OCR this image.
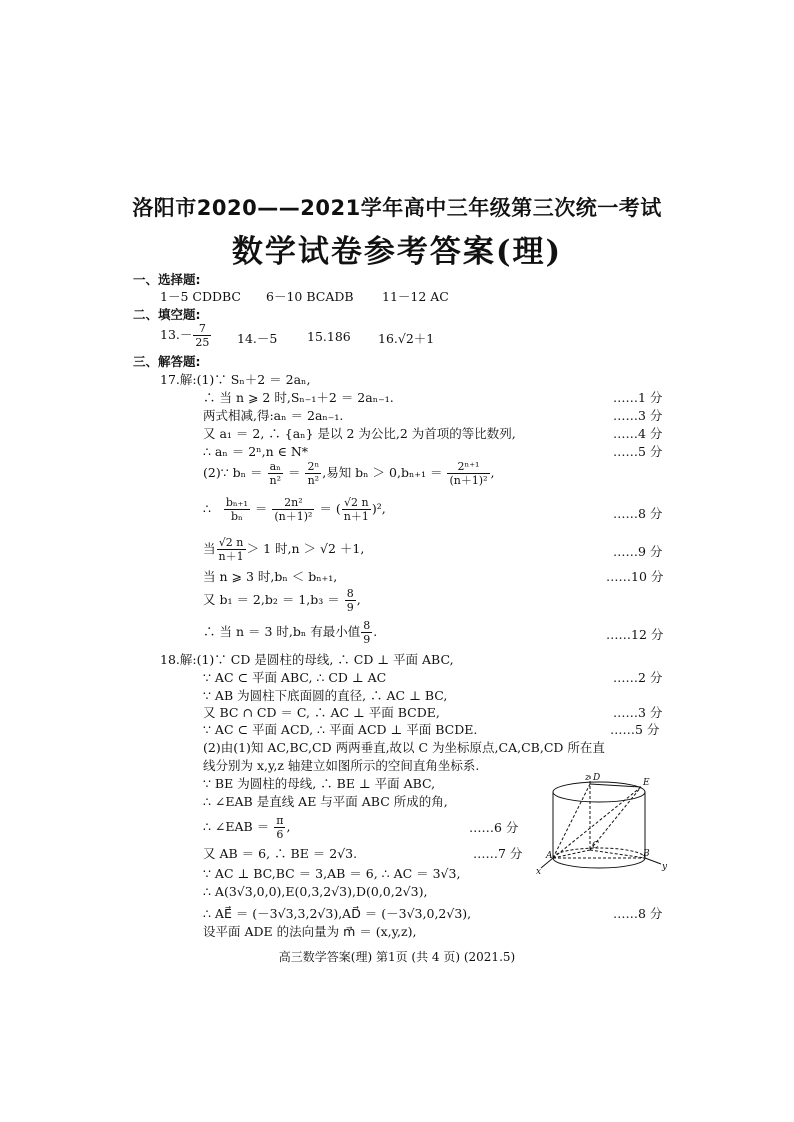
洛阳市2020——2021学年高中三年级第三次统一考试
数学试卷参考答案(理)
一、选择题:
1－5 CDDBC 6－10 BCADB 11－12 AC
二、填空题:
$13.- \frac{7}{25} 14.-5$ 15.186 16.√2＋1
三、解答题:
17.解:(1)∵ Sₙ＋2 ＝ 2aₙ,
∴ 当 n ⩾ 2 时,Sₙ₋₁＋2 ＝ 2aₙ₋₁.	……1 分
两式相减,得:aₙ ＝ 2aₙ₋₁.	……3 分
又 a₁ ＝ 2, ∴ {aₙ} 是以 2 为公比,2 为首项的等比数列,	……4 分
∴ aₙ ＝ 2ⁿ,n ∈ N*	……5 分
(2)∵ $b_n = \frac{\text{aₙ}}{\text{n²}} = \frac{\text{2ⁿ}}{\text{n²}}$ ,易知 $b_n > 0,b_{n+1} = \frac{\text{2ⁿ⁺¹}}{\text{(n＋1)²}}$ ,
∴ $\frac{\text{bₙ₊₁}}{\text{bₙ}} = \frac{\text{2n²}}{\text{(n＋1)²}}$ ＝ ( $\frac{√2 n}{n+1} )^2$,	……8 分
当 $\frac{√2 n}{n+1} > 1$ 时,n ＞ √2 ＋1,	……9 分
当 n ⩾ 3 时,bₙ ＜ bₙ₊₁,	……10 分
又 $b_1 = 2,b_2 = 1,b_3 = \frac{8}{9}$ ,
∴ 当 n ＝ 3 时,bₙ 有最小值 $\frac{8}{9}$ .	……12 分
18.解:(1)∵ CD 是圆柱的母线, ∴ CD ⊥ 平面 ABC,
∵ AC ⊂ 平面 ABC, ∴ CD ⊥ AC	……2 分
∵ AB 为圆柱下底面圆的直径, ∴ AC ⊥ BC,
又 BC ∩ CD ＝ C, ∴ AC ⊥ 平面 BCDE,	……3 分
∵ AC ⊂ 平面 ACD, ∴ 平面 ACD ⊥ 平面 BCDE.	……5 分
(2)由(1)知 AC,BC,CD 两两垂直,故以 C 为坐标原点,CA,CB,CD 所在直
线分别为 x,y,z 轴建立如图所示的空间直角坐标系.
∵ BE 为圆柱的母线, ∴ BE ⊥ 平面 ABC,
∴ ∠EAB 是直线 AE 与平面 ABC 所成的角,
∴ ∠EAB ＝ $\frac{\pi}{6}$ ,	……6 分
又 AB ＝ 6, ∴ BE ＝ 2√3.	……7 分
∵ AC ⊥ BC,BC ＝ 3,AB ＝ 6, ∴ AC ＝ 3√3,
∴ A(3√3,0,0),E(0,3,2√3),D(0,0,2√3),
∴ AE⃗ ＝ (－3√3,3,2√3),AD⃗ ＝ (－3√3,0,2√3),	……8 分
设平面 ADE 的法向量为 m⃗ ＝ (x,y,z),
z D	E
C
A	B
x	y
高三数学答案(理) 第1页 (共 4 页) (2021.5)
